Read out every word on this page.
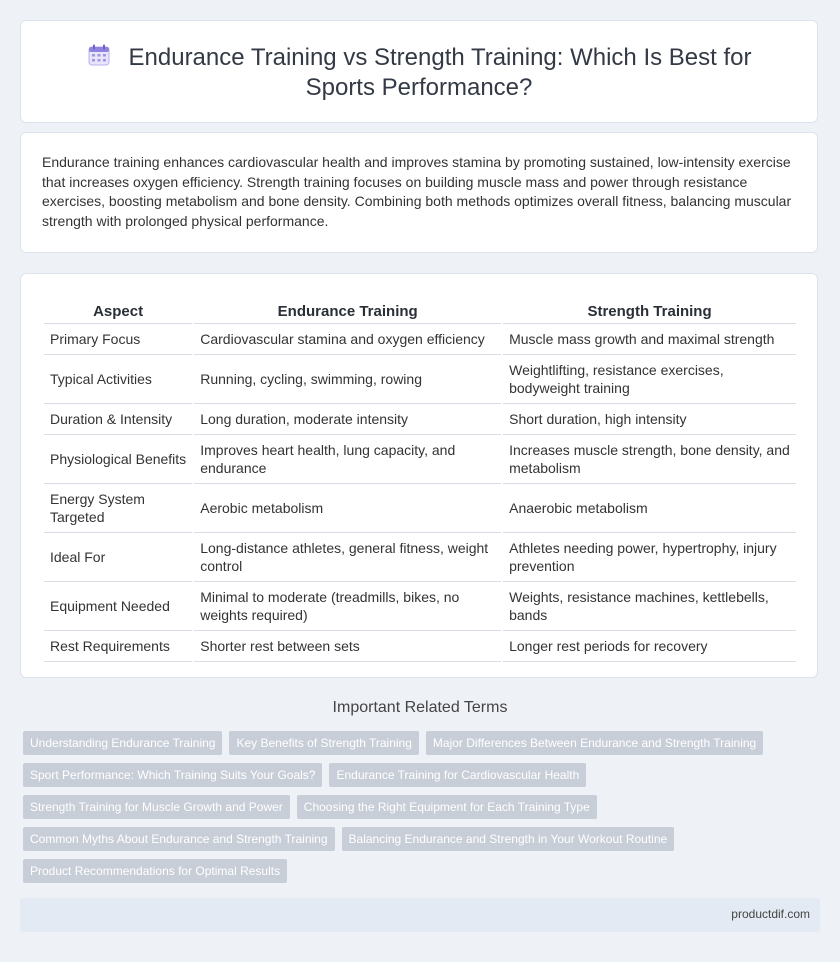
Endurance Training vs Strength Training: Which Is Best for Sports Performance?
Endurance training enhances cardiovascular health and improves stamina by promoting sustained, low-intensity exercise that increases oxygen efficiency. Strength training focuses on building muscle mass and power through resistance exercises, boosting metabolism and bone density. Combining both methods optimizes overall fitness, balancing muscular strength with prolonged physical performance.
Aspect	Endurance Training	Strength Training
Primary Focus	Cardiovascular stamina and oxygen efficiency	Muscle mass growth and maximal strength
Typical Activities	Running, cycling, swimming, rowing	Weightlifting, resistance exercises, bodyweight training
Duration & Intensity	Long duration, moderate intensity	Short duration, high intensity
Physiological Benefits	Improves heart health, lung capacity, and endurance	Increases muscle strength, bone density, and metabolism
Energy System Targeted	Aerobic metabolism	Anaerobic metabolism
Ideal For	Long-distance athletes, general fitness, weight control	Athletes needing power, hypertrophy, injury prevention
Equipment Needed	Minimal to moderate (treadmills, bikes, no weights required)	Weights, resistance machines, kettlebells, bands
Rest Requirements	Shorter rest between sets	Longer rest periods for recovery
Important Related Terms
Understanding Endurance Training	Key Benefits of Strength Training	Major Differences Between Endurance and Strength Training
Sport Performance: Which Training Suits Your Goals?	Endurance Training for Cardiovascular Health
Strength Training for Muscle Growth and Power	Choosing the Right Equipment for Each Training Type
Common Myths About Endurance and Strength Training	Balancing Endurance and Strength in Your Workout Routine
Product Recommendations for Optimal Results
productdif.com
